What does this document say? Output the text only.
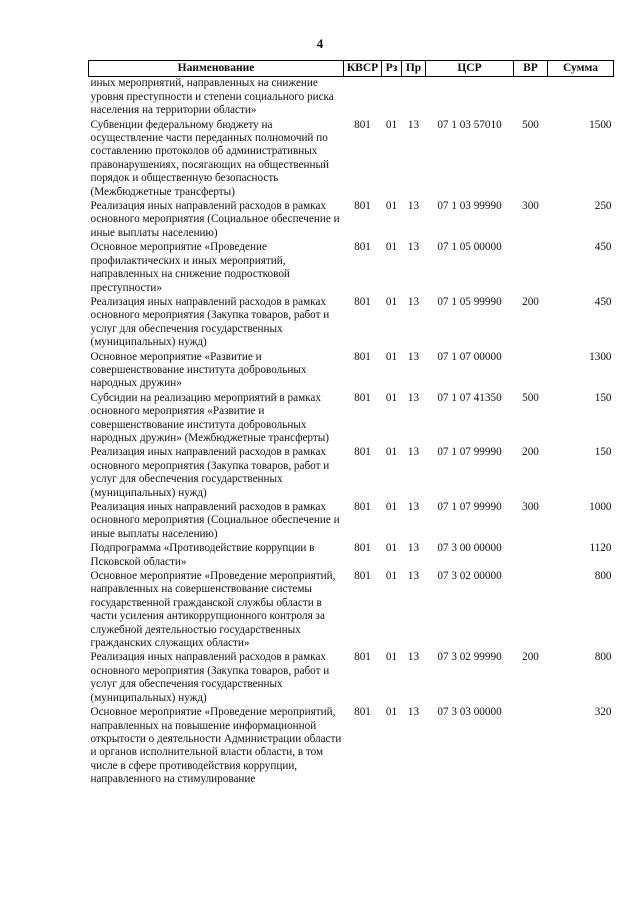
4
Наименование	КВСР	Рз	Пр	ЦСР	ВР	Сумма
иных мероприятий, направленных на снижение уровня преступности и степени социального риска населения на территории области»						
Субвенции федеральному бюджету на осуществление части переданных полномочий по составлению протоколов об административных правонарушениях, посягающих на общественный порядок и общественную безопасность (Межбюджетные трансферты)	801	01	13	07 1 03 57010	500	1500
Реализация иных направлений расходов в рамках основного мероприятия (Социальное обеспечение и иные выплаты населению)	801	01	13	07 1 03 99990	300	250
Основное мероприятие «Проведение профилактических и иных мероприятий, направленных на снижение подростковой преступности»	801	01	13	07 1 05 00000		450
Реализация иных направлений расходов в рамках основного мероприятия (Закупка товаров, работ и услуг для обеспечения государственных (муниципальных) нужд)	801	01	13	07 1 05 99990	200	450
Основное мероприятие «Развитие и совершенствование института добровольных народных дружин»	801	01	13	07 1 07 00000		1300
Субсидии на реализацию мероприятий в рамках основного мероприятия «Развитие и совершенствование института добровольных народных дружин» (Межбюджетные трансферты)	801	01	13	07 1 07 41350	500	150
Реализация иных направлений расходов в рамках основного мероприятия (Закупка товаров, работ и услуг для обеспечения государственных (муниципальных) нужд)	801	01	13	07 1 07 99990	200	150
Реализация иных направлений расходов в рамках основного мероприятия (Социальное обеспечение и иные выплаты населению)	801	01	13	07 1 07 99990	300	1000
Подпрограмма «Противодействие коррупции в Псковской области»	801	01	13	07 3 00 00000		1120
Основное мероприятие «Проведение мероприятий, направленных на совершенствование системы государственной гражданской службы области в части усиления антикоррупционного контроля за служебной деятельностью государственных гражданских служащих области»	801	01	13	07 3 02 00000		800
Реализация иных направлений расходов в рамках основного мероприятия (Закупка товаров, работ и услуг для обеспечения государственных (муниципальных) нужд)	801	01	13	07 3 02 99990	200	800
Основное мероприятие «Проведение мероприятий, направленных на повышение информационной открытости о деятельности Администрации области и органов исполнительной власти области, в том числе в сфере противодействия коррупции, направленного на стимулирование	801	01	13	07 3 03 00000		320
